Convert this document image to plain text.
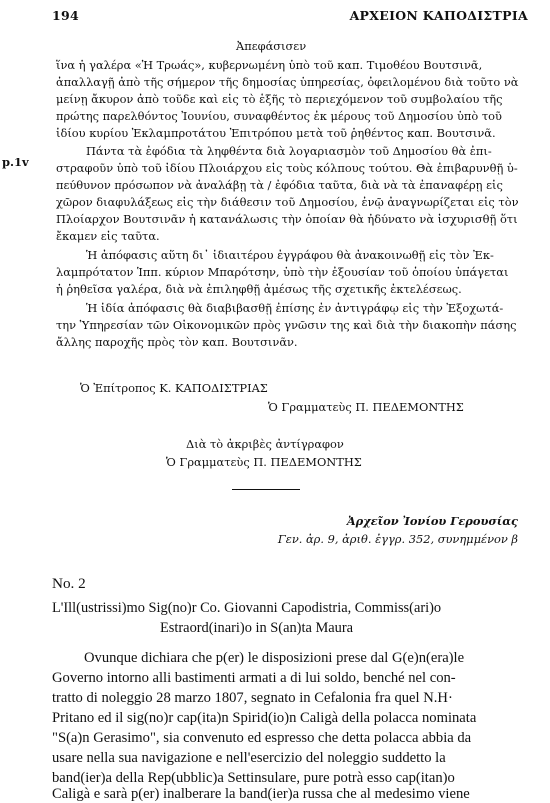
194	ΑΡΧΕΙΟΝ ΚΑΠΟΔΙΣΤΡΙΑ
p.1v
Ἀπεφάσισεν
ἵνα ἡ γαλέρα «Ἡ Τρωάς», κυβερνωμένη ὑπὸ τοῦ καπ. Τιμοθέου Βουτσινᾶ,
ἀπαλλαγῇ ἀπὸ τῆς σήμερον τῆς δημοσίας ὑπηρεσίας, ὀφειλομένου διὰ τοῦτο νὰ
μείνῃ ἄκυρον ἀπὸ τοῦδε καὶ εἰς τὸ ἑξῆς τὸ περιεχόμενον τοῦ συμβολαίου τῆς
πρώτης παρελθόντος Ἰουνίου, συναφθέντος ἐκ μέρους τοῦ Δημοσίου ὑπὸ τοῦ
ἰδίου κυρίου Ἐκλαμπροτάτου Ἐπιτρόπου μετὰ τοῦ ῥηθέντος καπ. Βουτσινᾶ.
Πάντα τὰ ἐφόδια τὰ ληφθέντα διὰ λογαριασμὸν τοῦ Δημοσίου θὰ ἐπι-
στραφοῦν ὑπὸ τοῦ ἰδίου Πλοιάρχου εἰς τοὺς κόλπους τούτου. Θὰ ἐπιβαρυνθῇ ὑ-
πεύθυνον πρόσωπον νὰ ἀναλάβῃ τὰ / ἐφόδια ταῦτα, διὰ νὰ τὰ ἐπαναφέρῃ εἰς
χῶρον διαφυλάξεως εἰς τὴν διάθεσιν τοῦ Δημοσίου, ἐνῷ ἀναγνωρίζεται εἰς τὸν
Πλοίαρχον Βουτσινᾶν ἡ κατανάλωσις τὴν ὁποίαν θὰ ἠδύνατο νὰ ἰσχυρισθῇ ὅτι
ἔκαμεν εἰς ταῦτα.
Ἡ ἀπόφασις αὕτη δι᾽ ἰδιαιτέρου ἐγγράφου θὰ ἀνακοινωθῇ εἰς τὸν Ἐκ-
λαμπρότατον Ἱππ. κύριον Μπαρότσην, ὑπὸ τὴν ἐξουσίαν τοῦ ὁποίου ὑπάγεται
ἡ ῥηθεῖσα γαλέρα, διὰ νὰ ἐπιληφθῇ ἀμέσως τῆς σχετικῆς ἐκτελέσεως.
Ἡ ἰδία ἀπόφασις θὰ διαβιβασθῇ ἐπίσης ἐν ἀντιγράφῳ εἰς τὴν Ἐξοχωτά-
την Ὑπηρεσίαν τῶν Οἰκονομικῶν πρὸς γνῶσιν της καὶ διὰ τὴν διακοπὴν πάσης
ἄλλης παροχῆς πρὸς τὸν καπ. Βουτσινᾶν.
Ὁ Ἐπίτροπος Κ. ΚΑΠΟΔΙΣΤΡΙΑΣ
Ὁ Γραμματεὺς Π. ΠΕΔΕΜΟΝΤΗΣ
Διὰ τὸ ἀκριβὲς ἀντίγραφον
Ὁ Γραμματεὺς Π. ΠΕΔΕΜΟΝΤΗΣ
Ἀρχεῖον Ἰονίου Γερουσίας
Γεν. ἀρ. 9, ἀριθ. ἐγγρ. 352, συνημμένον β
No. 2
L'Ill(ustrissi)mo Sig(no)r Co. Giovanni Capodistria, Commiss(ari)o
Estraord(inari)o in S(an)ta Maura
Ovunque dichiara che p(er) le disposizioni prese dal G(e)n(era)le
Governo intorno alli bastimenti armati a di lui soldo, benché nel con-
tratto di noleggio 28 marzo 1807, segnato in Cefalonia fra quel N.H·
Pritano ed il sig(no)r cap(ita)n Spirid(io)n Caligà della polacca nominata
"S(a)n Gerasimo", sia convenuto ed espresso che detta polacca abbia da
usare nella sua navigazione e nell'esercizio del noleggio suddetto la
band(ier)a della Rep(ubblic)a Settinsulare, pure potrà esso cap(itan)o
Caligà e sarà p(er) inalberare la band(ier)a russa che al medesimo viene
